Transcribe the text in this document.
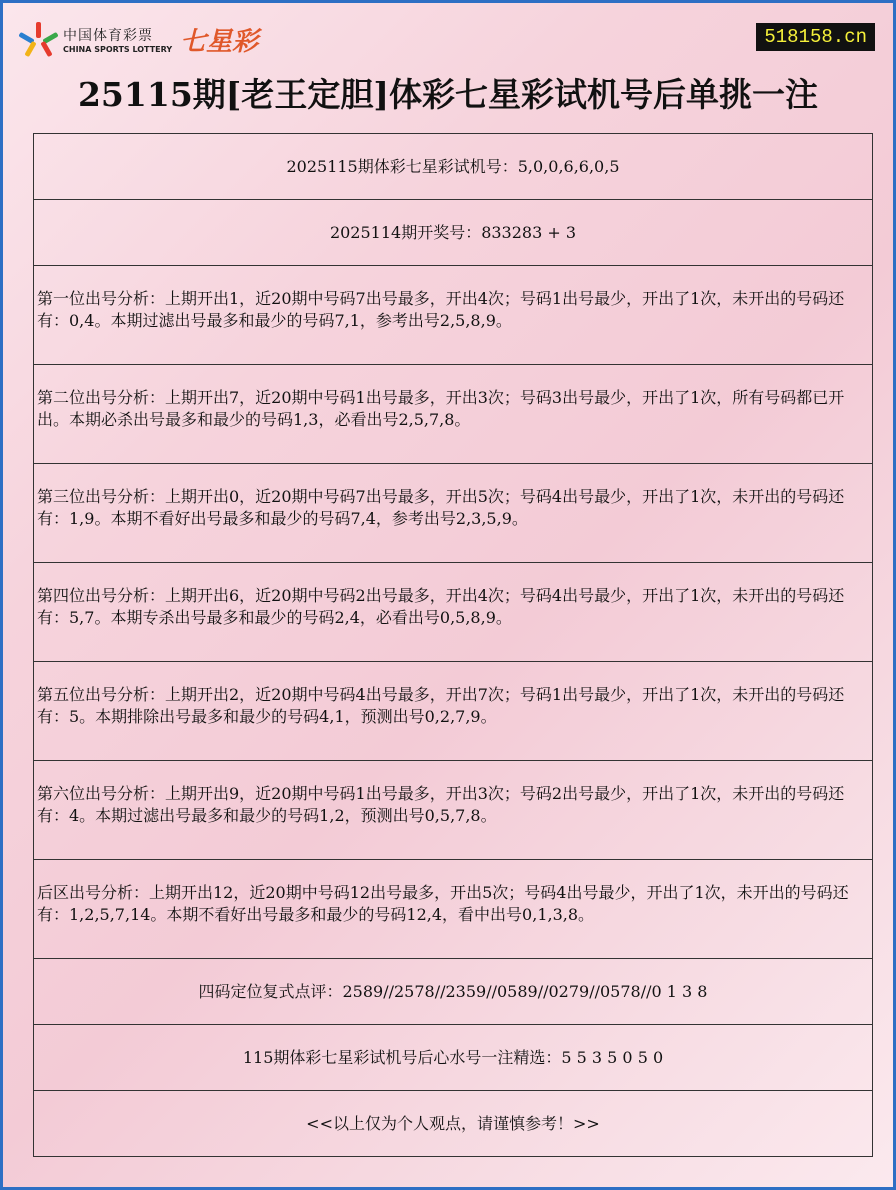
中国体育彩票
CHINA SPORTS LOTTERY 七星彩	518158.cn
25115期[老王定胆]体彩七星彩试机号后单挑一注
2025115期体彩七星彩试机号：5,0,0,6,6,0,5
2025114期开奖号：833283 + 3
第一位出号分析：上期开出1，近20期中号码7出号最多，开出4次；号码1出号最少，开出了1次，未开出的号码还有：0,4。本期过滤出号最多和最少的号码7,1，参考出号2,5,8,9。
第二位出号分析：上期开出7，近20期中号码1出号最多，开出3次；号码3出号最少，开出了1次，所有号码都已开出。本期必杀出号最多和最少的号码1,3，必看出号2,5,7,8。
第三位出号分析：上期开出0，近20期中号码7出号最多，开出5次；号码4出号最少，开出了1次，未开出的号码还有：1,9。本期不看好出号最多和最少的号码7,4，参考出号2,3,5,9。
第四位出号分析：上期开出6，近20期中号码2出号最多，开出4次；号码4出号最少，开出了1次，未开出的号码还有：5,7。本期专杀出号最多和最少的号码2,4，必看出号0,5,8,9。
第五位出号分析：上期开出2，近20期中号码4出号最多，开出7次；号码1出号最少，开出了1次，未开出的号码还有：5。本期排除出号最多和最少的号码4,1，预测出号0,2,7,9。
第六位出号分析：上期开出9，近20期中号码1出号最多，开出3次；号码2出号最少，开出了1次，未开出的号码还有：4。本期过滤出号最多和最少的号码1,2，预测出号0,5,7,8。
后区出号分析：上期开出12，近20期中号码12出号最多，开出5次；号码4出号最少，开出了1次，未开出的号码还有：1,2,5,7,14。本期不看好出号最多和最少的号码12,4，看中出号0,1,3,8。
四码定位复式点评：2589//2578//2359//0589//0279//0578//0 1 3 8
115期体彩七星彩试机号后心水号一注精选：5 5 3 5 0 5 0
<<以上仅为个人观点，请谨慎参考！>>
